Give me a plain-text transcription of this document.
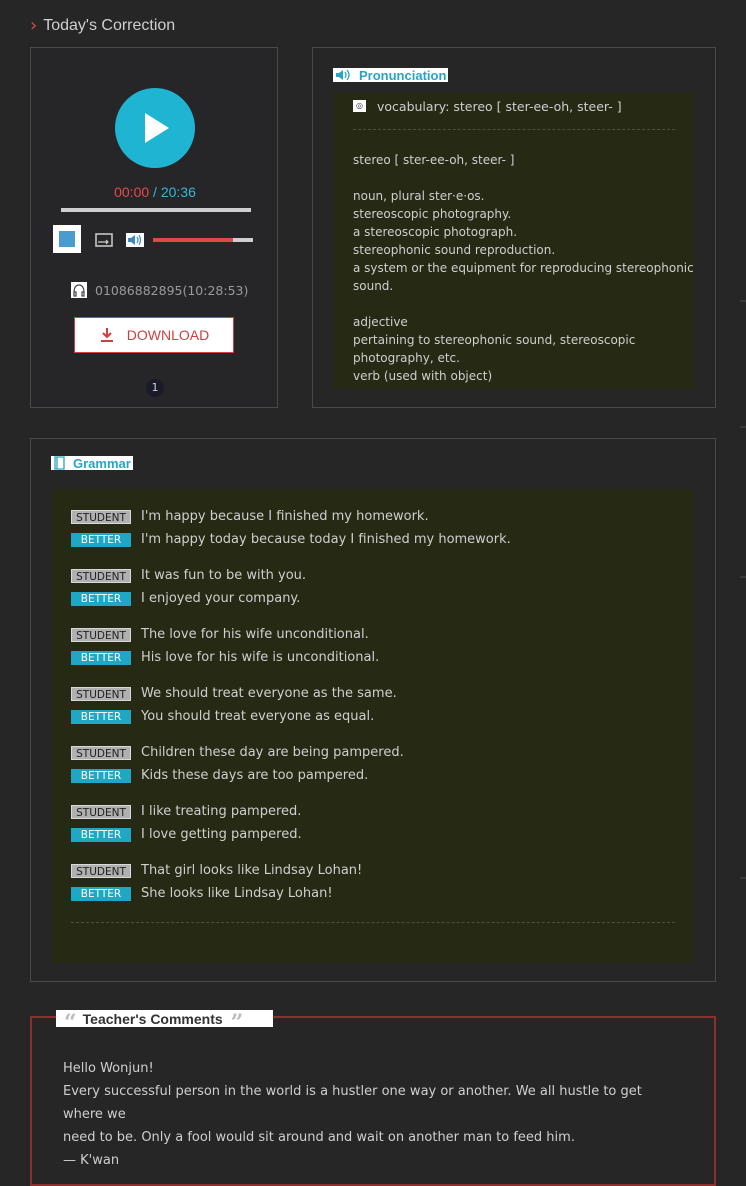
› Today's Correction
00:00 / 20:36
01086882895(10:28:53)
DOWNLOAD
1
Pronunciation
◎ vocabulary: stereo [ ster-ee-oh, steer- ]
stereo [ ster-ee-oh, steer- ]
noun, plural ster·e·os.
stereoscopic photography.
a stereoscopic photograph.
stereophonic sound reproduction.
a system or the equipment for reproducing stereophonic
sound.
adjective
pertaining to stereophonic sound, stereoscopic
photography, etc.
verb (used with object)
Grammar
STUDENT	I'm happy because I finished my homework.
BETTER	I'm happy today because today I finished my homework.
STUDENT	It was fun to be with you.
BETTER	I enjoyed your company.
STUDENT	The love for his wife unconditional.
BETTER	His love for his wife is unconditional.
STUDENT	We should treat everyone as the same.
BETTER	You should treat everyone as equal.
STUDENT	Children these day are being pampered.
BETTER	Kids these days are too pampered.
STUDENT	I like treating pampered.
BETTER	I love getting pampered.
STUDENT	That girl looks like Lindsay Lohan!
BETTER	She looks like Lindsay Lohan!
“ Teacher's Comments ”
Hello Wonjun!
Every successful person in the world is a hustler one way or another. We all hustle to get where we
need to be. Only a fool would sit around and wait on another man to feed him.
— K'wan
